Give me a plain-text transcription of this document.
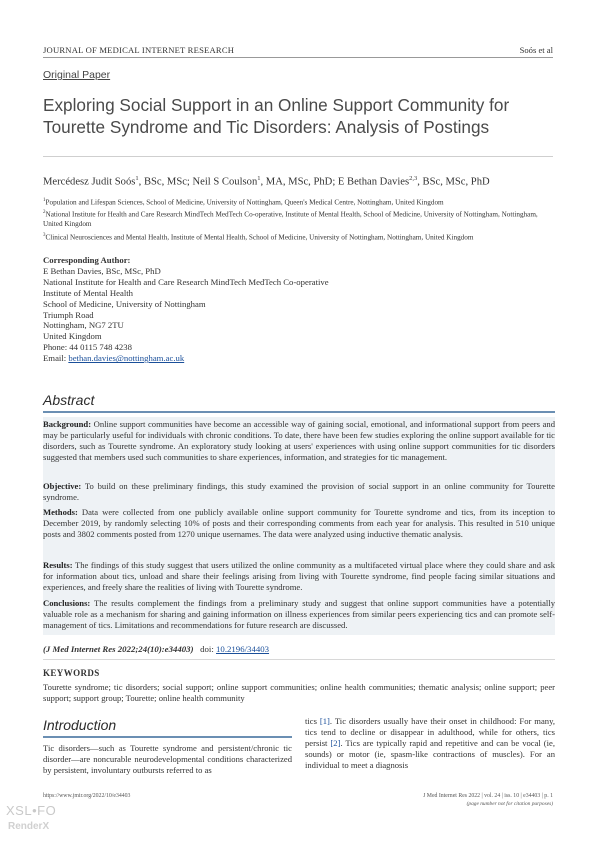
JOURNAL OF MEDICAL INTERNET RESEARCH	Soós et al
Original Paper
Exploring Social Support in an Online Support Community for Tourette Syndrome and Tic Disorders: Analysis of Postings
Mercédesz Judit Soós$^1$, BSc, MSc; Neil S Coulson$^1$, MA, MSc, PhD; E Bethan Davies$^{2,3}$, BSc, MSc, PhD
$^1$Population and Lifespan Sciences, School of Medicine, University of Nottingham, Queen's Medical Centre, Nottingham, United Kingdom
$^2$National Institute for Health and Care Research MindTech MedTech Co-operative, Institute of Mental Health, School of Medicine, University of Nottingham, Nottingham, United Kingdom
$^3$Clinical Neurosciences and Mental Health, Institute of Mental Health, School of Medicine, University of Nottingham, Nottingham, United Kingdom
Corresponding Author:
E Bethan Davies, BSc, MSc, PhD
National Institute for Health and Care Research MindTech MedTech Co-operative
Institute of Mental Health
School of Medicine, University of Nottingham
Triumph Road
Nottingham, NG7 2TU
United Kingdom
Phone: 44 0115 748 4238
Email: bethan.davies@nottingham.ac.uk
Abstract
Background: Online support communities have become an accessible way of gaining social, emotional, and informational support from peers and may be particularly useful for individuals with chronic conditions. To date, there have been few studies exploring the online support available for tic disorders, such as Tourette syndrome. An exploratory study looking at users' experiences with using online support communities for tic disorders suggested that members used such communities to share experiences, information, and strategies for tic management.
Objective: To build on these preliminary findings, this study examined the provision of social support in an online community for Tourette syndrome.
Methods: Data were collected from one publicly available online support community for Tourette syndrome and tics, from its inception to December 2019, by randomly selecting 10% of posts and their corresponding comments from each year for analysis. This resulted in 510 unique posts and 3802 comments posted from 1270 unique usernames. The data were analyzed using inductive thematic analysis.
Results: The findings of this study suggest that users utilized the online community as a multifaceted virtual place where they could share and ask for information about tics, unload and share their feelings arising from living with Tourette syndrome, find people facing similar situations and experiences, and freely share the realities of living with Tourette syndrome.
Conclusions: The results complement the findings from a preliminary study and suggest that online support communities have a potentially valuable role as a mechanism for sharing and gaining information on illness experiences from similar peers experiencing tics and can promote self-management of tics. Limitations and recommendations for future research are discussed.
(J Med Internet Res 2022;24(10):e34403) doi: 10.2196/34403
KEYWORDS
Tourette syndrome; tic disorders; social support; online support communities; online health communities; thematic analysis; online support; peer support; support group; Tourette; online health community
Introduction
Tic disorders—such as Tourette syndrome and persistent/chronic tic disorder—are noncurable neurodevelopmental conditions characterized by persistent, involuntary outbursts referred to as
tics [1]. Tic disorders usually have their onset in childhood: For many, tics tend to decline or disappear in adulthood, while for others, tics persist [2]. Tics are typically rapid and repetitive and can be vocal (ie, sounds) or motor (ie, spasm-like contractions of muscles). For an individual to meet a diagnosis
https://www.jmir.org/2022/10/e34403	J Med Internet Res 2022 | vol. 24 | iss. 10 | e34403 | p. 1
(page number not for citation purposes)
XSL•FO
RenderX
